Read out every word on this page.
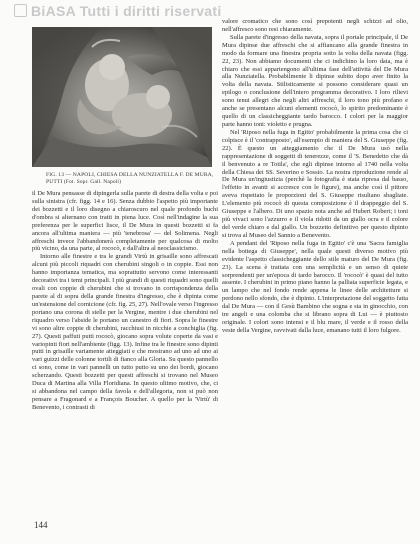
BiASA Tutti i diritti riservati
FIG. 13 — NAPOLI, CHIESA DELLA NUNZIATELLA F. DE MURA, PUTTI (Fot. Sopr. Gall. Napoli)

valore cromatico che sono così prepotenti negli schizzi ad olio, nell'affresco sono resi chiaramente.

Sulla parete d'ingresso della navata, sopra il portale principale, il De Mura dipinse due affreschi che si affiancano alla grande finestra in modo da formare una finestra propria sotto la volta della navata (figg. 22, 23). Non abbiamo documenti che ci indichino la loro data, ma è chiaro che essi appartengono all'ultima fase dell'attività del De Mura alla Nunziatella. Probabilmente li dipinse subito dopo aver finito la volta della navata. Stilisticamente si possono considerare quasi un epilogo o conclusione dell'intero programma decorativo. I loro rilievi sono tenui allegri che negli altri affreschi, il loro tono più profano e anche se presentano alcuni elementi rococò, lo spirito predominante è quello di un classicheggiante tardo barocco. I colori per la maggior parte hanno toni: violetto e prugna.

Nel 'Riposo nella fuga in Egitto' probabilmente la prima cosa che ci colpisce è il 'contrapposto', all'esempio di maniera del S. Giuseppe (fig. 22). È questo un atteggiamento che il De Mura usò nella rappresentazione di soggetti di tenerezze, come il 'S. Benedetto che dà il benvenuto a re Totila', che egli dipinse intorno al 1740 nella volta della Chiesa dei SS. Severino e Sossio. La nostra riproduzione rende al De Mura un'ingiustizia (perchè la fotografia è stata ripresa dal basso, l'effetto in avanti si accresce con le figure), ma anche così il pittore aveva rispettato le proporzioni del S. Giuseppe risultano sbagliate. L'elemento più rococò di questa composizione è il drappeggio del S. Giuseppe e l'albero. Di uno spazio nota anche ad Hubert Robert; i toni più vivaci sono l'azzurro e il viola ridotti da un giallo ocra e il colore del verde chiaro e dal giallo. Un bozzetto definitivo per questo dipinto si trova al Museo del Sannio a Benevento.

A pendant del 'Riposo nella fuga in Egitto' c'è una 'Sacra famiglia nella bottega di Giuseppe', nella quale questi diverso motivo più evidente l'aspetto classicheggiante dello stile maturo del De Mura (fig. 23). La scena è trattata con una semplicità e un senso di quiete sorprendenti per un'epoca di tardo barocco. Il 'rococò' è quasi del tutto assente. I cherubini in primo piano hanno la palliata superficie legata, e un lampo che nel fondo rende appena le linee delle architetture si perdono nello sfondo, che è dipinto. L'interpretazione del soggetto fatta dal De Mura — con il Gesù Bambino che sogna e sta in ginocchio, con tre angeli e una colomba che si librano sopra di Lui — è piuttosto originale. I colori sono intensi e il blu mare, il verde e il rosso della veste della Vergine, ravvivati dalla luce, emanano tutti il loro fulgore.

il De Mura pensasse di dipingerla sulla parete di destra della volta e poi sulla sinistra (cfr. figg. 14 e 16). Senza dubbio l'aspetto più importante dei bozzetti e il loro disegno a chiaroscuro nel quale profondo buchi d'ombra si alternano con tratti in piena luce. Così nell'indagine la sua preferenza per le superfici lisce, il De Mura in questi bozzetti si fa ancora all'ultima maniera — più 'tenebrosa' — del Solimena. Negli affreschi invece l'abbandonerà completamente per qualcosa di molto più vicino, da una parte, al rococò, e dall'altra al neoclassicismo.

Intorno alle finestre e tra le grandi Virtù in grisaille sono affrescati alcuni più piccoli riquadri con cherubini singoli o in coppie. Essi non hanno importanza tematica, ma soprattutto servono come interessanti decorativi tra i temi principali. I più grandi di questi riquadri sono quelli ovali con coppie di cherubini che si trovano in corrispondenza della parete al di sopra della grande finestra d'ingresso, che è dipinta come un'estensione del cornicione (cfr. fig. 25, 27). Nell'ovale verso l'ingresso portano una corona di stelle per la Vergine, mentre i due cherubini nel riquadro verso l'abside le portano un canestro di fiori. Sopra le finestre vi sono altre coppie di cherubini, racchiusi in nicchie a conchiglia (fig. 27). Questi paffuti putti rococò, giocano sopra volute coperte da vasi e variopinti fiori nell'ambiente (figg. 13). Infine tra le finestre sono dipinti putti in grisaille variamente atteggiati e che mostrano ad uno ad uno ai vari guizzi delle colonne tortili di fianco alla Gloria. Su questo pannello ci sono, come in vari pannelli un tutto putto su uno dei bordi, giocano scherzando. Questi bozzetti per questi affreschi si trovano nel Museo Duca di Martina alla Villa Floridiana. In questo ultimo motivo, che, ci si abbandona nel campo della favola e dell'allegoria, non si può non pensare a Fragonard e a François Boucher. A quello per la 'Virtù' di Benevento, i contrasti di

144
